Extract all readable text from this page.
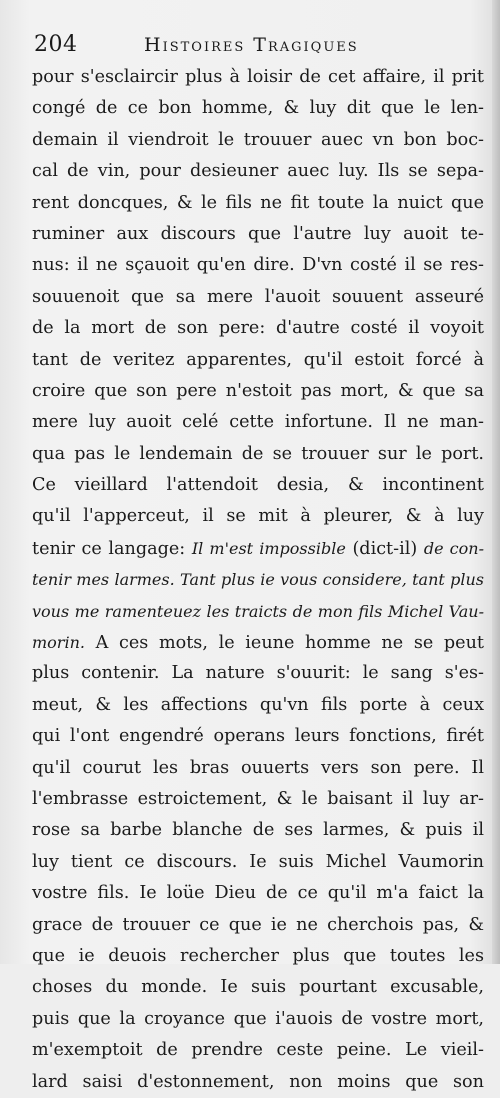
204	Histoires Tragiques
pour s'esclaircir plus à loisir de cet affaire, il prit
congé de ce bon homme, & luy dit que le len-
demain il viendroit le trouuer auec vn bon boc-
cal de vin, pour desieuner auec luy. Ils se sepa-
rent doncques, & le fils ne fit toute la nuict que
ruminer aux discours que l'autre luy auoit te-
nus: il ne sçauoit qu'en dire. D'vn costé il se res-
souuenoit que sa mere l'auoit souuent asseuré
de la mort de son pere: d'autre costé il voyoit
tant de veritez apparentes, qu'il estoit forcé à
croire que son pere n'estoit pas mort, & que sa
mere luy auoit celé cette infortune. Il ne man-
qua pas le lendemain de se trouuer sur le port.
Ce vieillard l'attendoit desia, & incontinent
qu'il l'apperceut, il se mit à pleurer, & à luy
tenir ce langage: Il m'est impossible (dict-il) de con-
tenir mes larmes. Tant plus ie vous considere, tant plus
vous me ramenteuez les traicts de mon fils Michel Vau-
morin. A ces mots, le ieune homme ne se peut
plus contenir. La nature s'ouurit: le sang s'es-
meut, & les affections qu'vn fils porte à ceux
qui l'ont engendré operans leurs fonctions, firét
qu'il courut les bras ouuerts vers son pere. Il
l'embrasse estroictement, & le baisant il luy ar-
rose sa barbe blanche de ses larmes, & puis il
luy tient ce discours. Ie suis Michel Vaumorin
vostre fils. Ie loüe Dieu de ce qu'il m'a faict la
grace de trouuer ce que ie ne cherchois pas, &
que ie deuois rechercher plus que toutes les
choses du monde. Ie suis pourtant excusable,
puis que la croyance que i'auois de vostre mort,
m'exemptoit de prendre ceste peine. Le vieil-
lard saisi d'estonnement, non moins que son
